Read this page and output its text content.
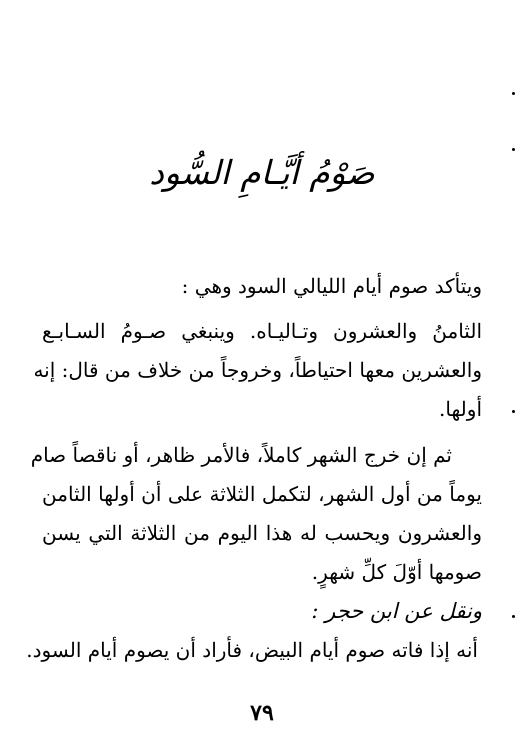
صَوْمُ أيَّـامِ السُّود
ويتأكد صوم أيام الليالي السود وهي :
الثامنُ والعشرون وتـاليـاه. وينبغي صـومُ السـابـع
والعشرين معها احتياطاً، وخروجاً من خلاف من قال: إنه
أولها.
ثم إن خرج الشهر كاملاً، فالأمر ظاهر، أو ناقصاً صام
يوماً من أول الشهر، لتكمل الثلاثة على أن أولها الثامن
والعشرون ويحسب له هذا اليوم من الثلاثة التي يسن
صومها أوّلَ كلِّ شهرٍ.
ونقل عن ابن حجر :
أنه إذا فاته صوم أيام البيض، فأراد أن يصوم أيام السود.
٧٩
